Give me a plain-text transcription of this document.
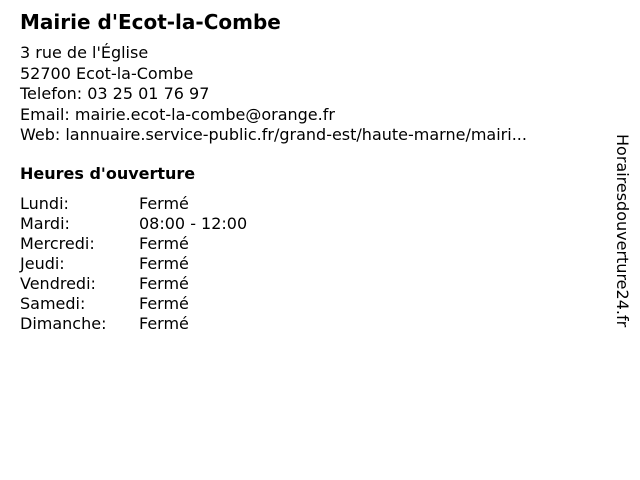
Mairie d'Ecot-la-Combe
3 rue de l'Église
52700 Ecot-la-Combe
Telefon: 03 25 01 76 97
Email: mairie.ecot-la-combe@orange.fr
Web: lannuaire.service-public.fr/grand-est/haute-marne/mairi...
Heures d'ouverture
Lundi:	Fermé
Mardi:	08:00 - 12:00
Mercredi:	Fermé
Jeudi:	Fermé
Vendredi:	Fermé
Samedi:	Fermé
Dimanche:	Fermé	Horairesdouverture24.fr
